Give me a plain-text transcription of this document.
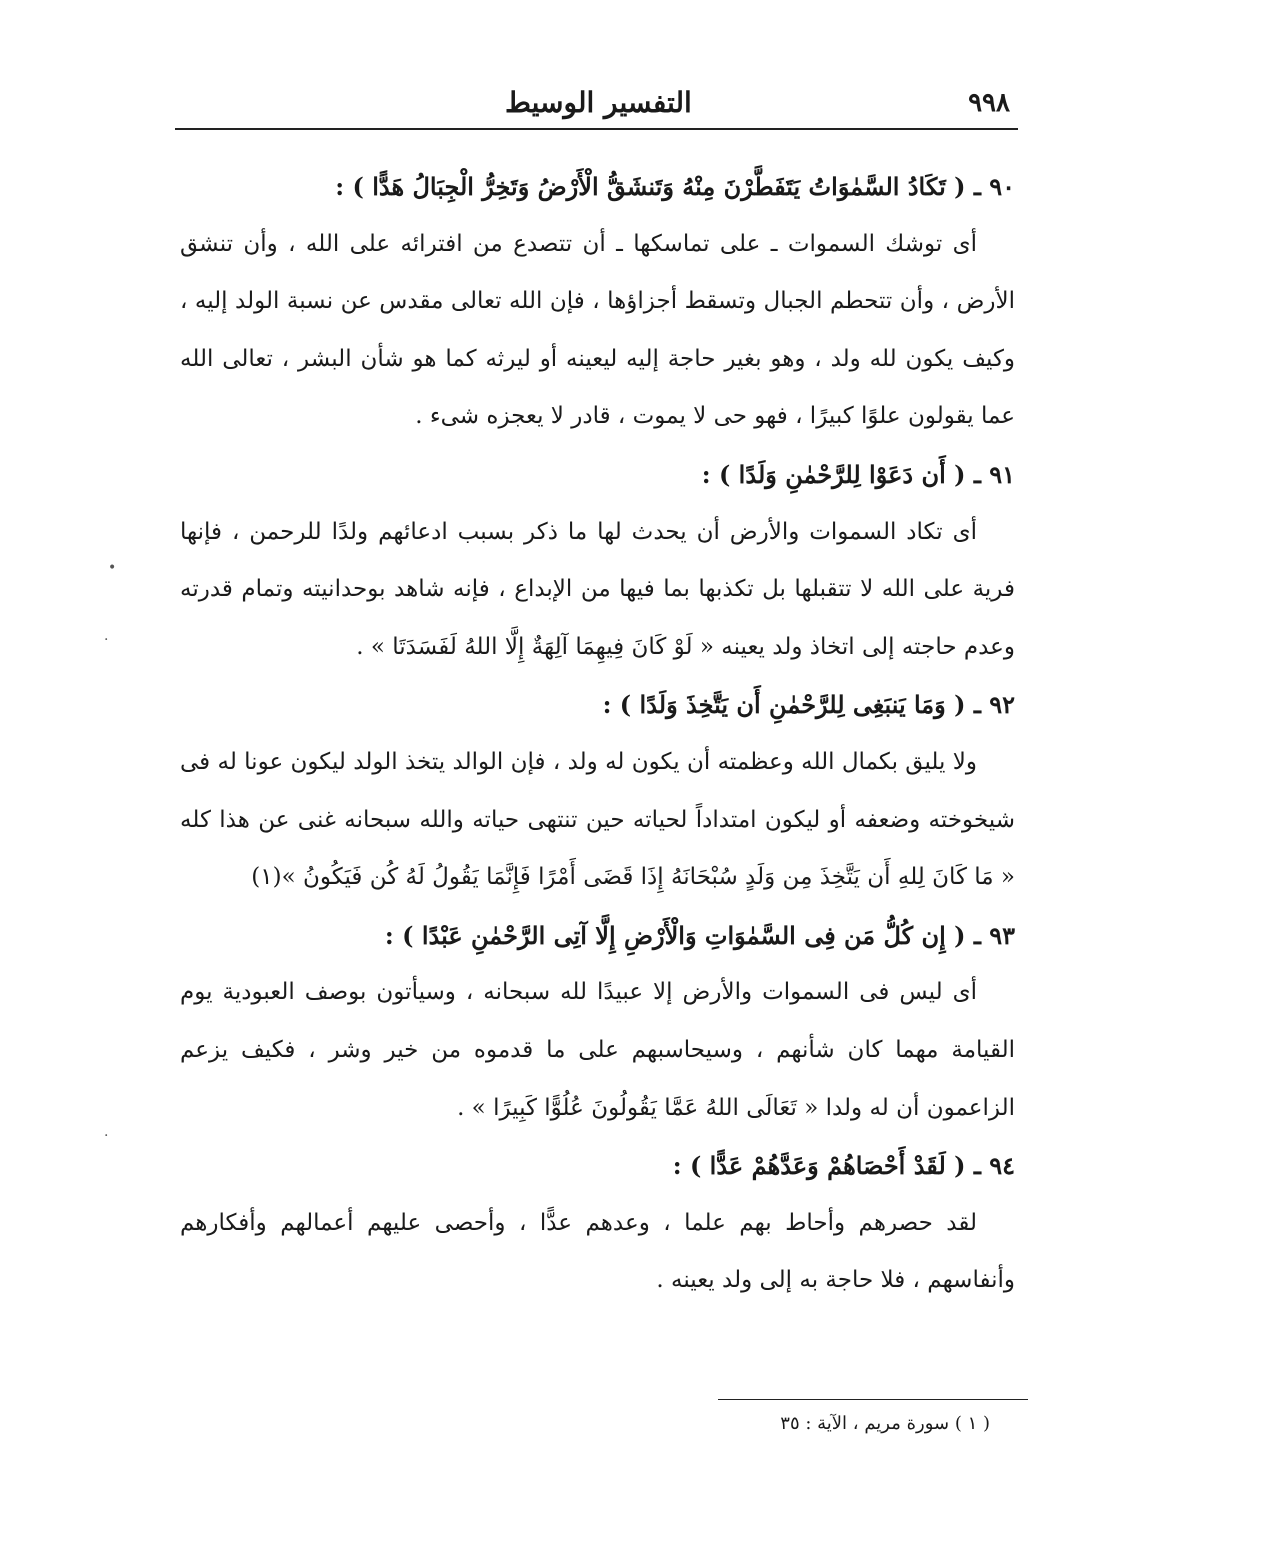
٩٩٨
التفسير الوسيط

٩٠ ـ ( تَكَادُ السَّمٰوَاتُ يَتَفَطَّرْنَ مِنْهُ وَتَنشَقُّ الْأَرْضُ وَتَخِرُّ الْجِبَالُ هَدًّا ) :

أى توشك السموات ـ على تماسكها ـ أن تتصدع من افترائه على الله ، وأن تنشق الأرض ، وأن تتحطم الجبال وتسقط أجزاؤها ، فإن الله تعالى مقدس عن نسبة الولد إليه ، وكيف يكون لله ولد ، وهو بغير حاجة إليه ليعينه أو ليرثه كما هو شأن البشر ، تعالى الله عما يقولون علوًا كبيرًا ، فهو حى لا يموت ، قادر لا يعجزه شىء .

٩١ ـ ( أَن دَعَوْا لِلرَّحْمٰنِ وَلَدًا ) :

أى تكاد السموات والأرض أن يحدث لها ما ذكر بسبب ادعائهم ولدًا للرحمن ، فإنها فرية على الله لا تتقبلها بل تكذبها بما فيها من الإبداع ، فإنه شاهد بوحدانيته وتمام قدرته وعدم حاجته إلى اتخاذ ولد يعينه « لَوْ كَانَ فِيهِمَا آلِهَةٌ إِلَّا اللهُ لَفَسَدَتَا » .

٩٢ ـ ( وَمَا يَنبَغِى لِلرَّحْمٰنِ أَن يَتَّخِذَ وَلَدًا ) :

ولا يليق بكمال الله وعظمته أن يكون له ولد ، فإن الوالد يتخذ الولد ليكون عونا له فى شيخوخته وضعفه أو ليكون امتداداً لحياته حين تنتهى حياته والله سبحانه غنى عن هذا كله « مَا كَانَ لِلهِ أَن يَتَّخِذَ مِن وَلَدٍ سُبْحَانَهُ إِذَا قَضَى أَمْرًا فَإِنَّمَا يَقُولُ لَهُ كُن فَيَكُونُ »(١)

٩٣ ـ ( إِن كُلُّ مَن فِى السَّمٰوَاتِ وَالْأَرْضِ إِلَّا آتِى الرَّحْمٰنِ عَبْدًا ) :

أى ليس فى السموات والأرض إلا عبيدًا لله سبحانه ، وسيأتون بوصف العبودية يوم القيامة مهما كان شأنهم ، وسيحاسبهم على ما قدموه من خير وشر ، فكيف يزعم الزاعمون أن له ولدا « تَعَالَى اللهُ عَمَّا يَقُولُونَ عُلُوًّا كَبِيرًا » .

٩٤ ـ ( لَقَدْ أَحْصَاهُمْ وَعَدَّهُمْ عَدًّا ) :

لقد حصرهم وأحاط بهم علما ، وعدهم عدًّا ، وأحصى عليهم أعمالهم وأفكارهم وأنفاسهم ، فلا حاجة به إلى ولد يعينه .

( ١ ) سورة مريم ، الآية : ٣٥
•
·
·
